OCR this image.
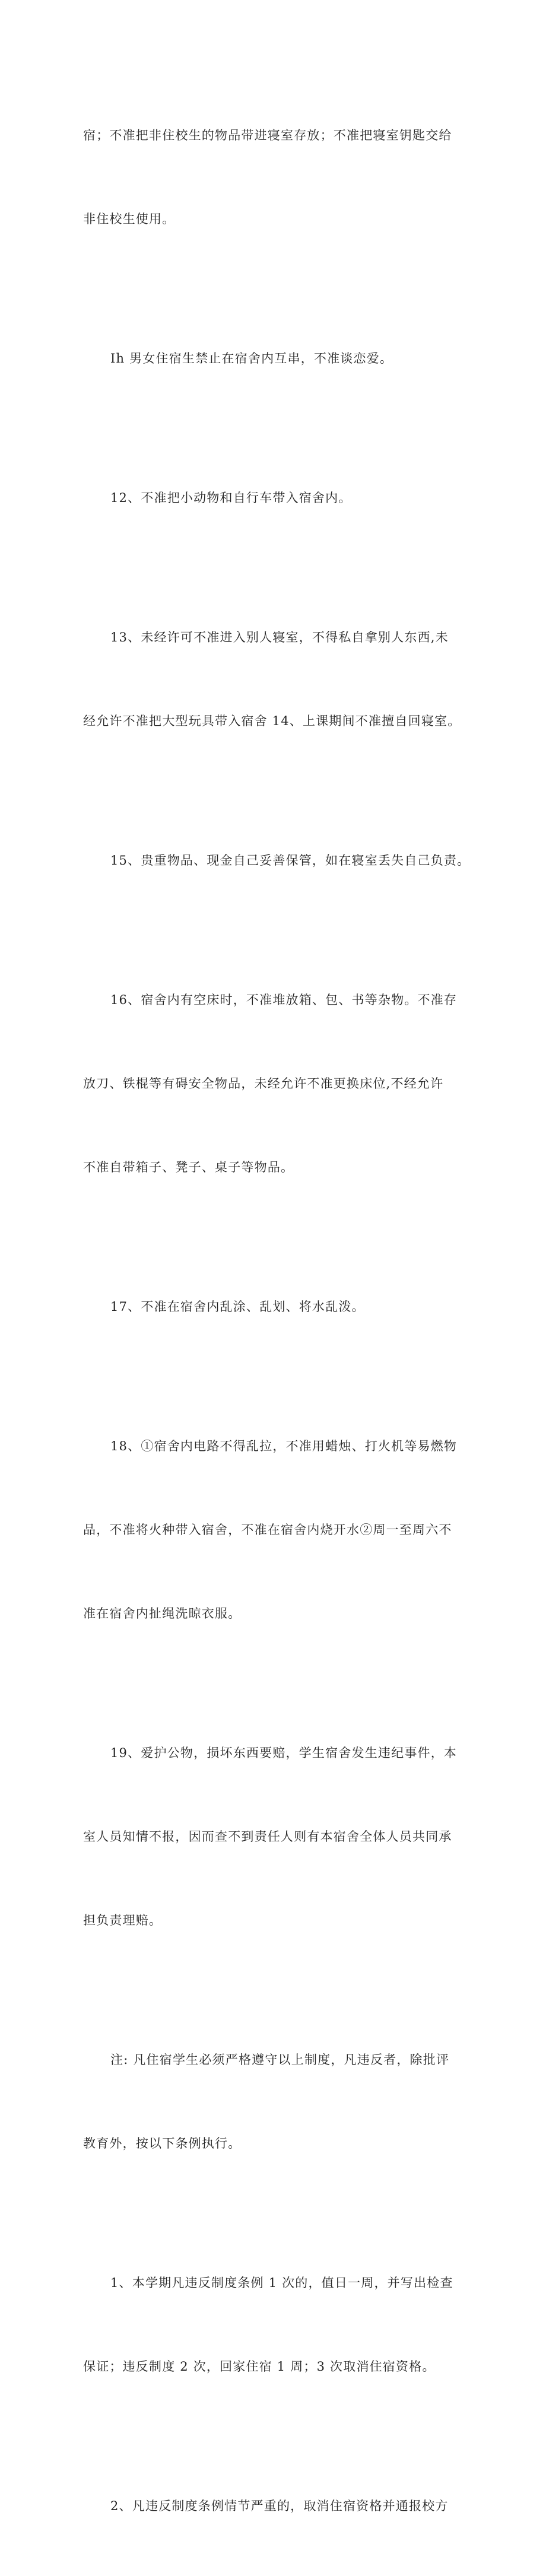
宿；不准把非住校生的物品带进寝室存放；不准把寝室钥匙交给

非住校生使用。

Ih 男女住宿生禁止在宿舍内互串，不准谈恋爱。

12、不准把小动物和自行车带入宿舍内。

13、未经许可不准进入别人寝室，不得私自拿别人东西,未

经允许不准把大型玩具带入宿舍 14、上课期间不准擅自回寝室。

15、贵重物品、现金自己妥善保管，如在寝室丢失自己负责。

16、宿舍内有空床时，不准堆放箱、包、书等杂物。不准存

放刀、铁棍等有碍安全物品，未经允许不准更换床位,不经允许

不准自带箱子、凳子、桌子等物品。

17、不准在宿舍内乱涂、乱划、将水乱泼。

18、①宿舍内电路不得乱拉，不准用蜡烛、打火机等易燃物

品，不准将火种带入宿舍，不准在宿舍内烧开水②周一至周六不

准在宿舍内扯绳洗晾衣服。

19、爱护公物，损坏东西要赔，学生宿舍发生违纪事件，本

室人员知情不报，因而查不到责任人则有本宿舍全体人员共同承

担负责理赔。

注: 凡住宿学生必须严格遵守以上制度，凡违反者，除批评

教育外，按以下条例执行。

1、本学期凡违反制度条例 1 次的，值日一周，并写出检查

保证；违反制度 2 次，回家住宿 1 周；3 次取消住宿资格。

2、凡违反制度条例情节严重的，取消住宿资格并通报校方
